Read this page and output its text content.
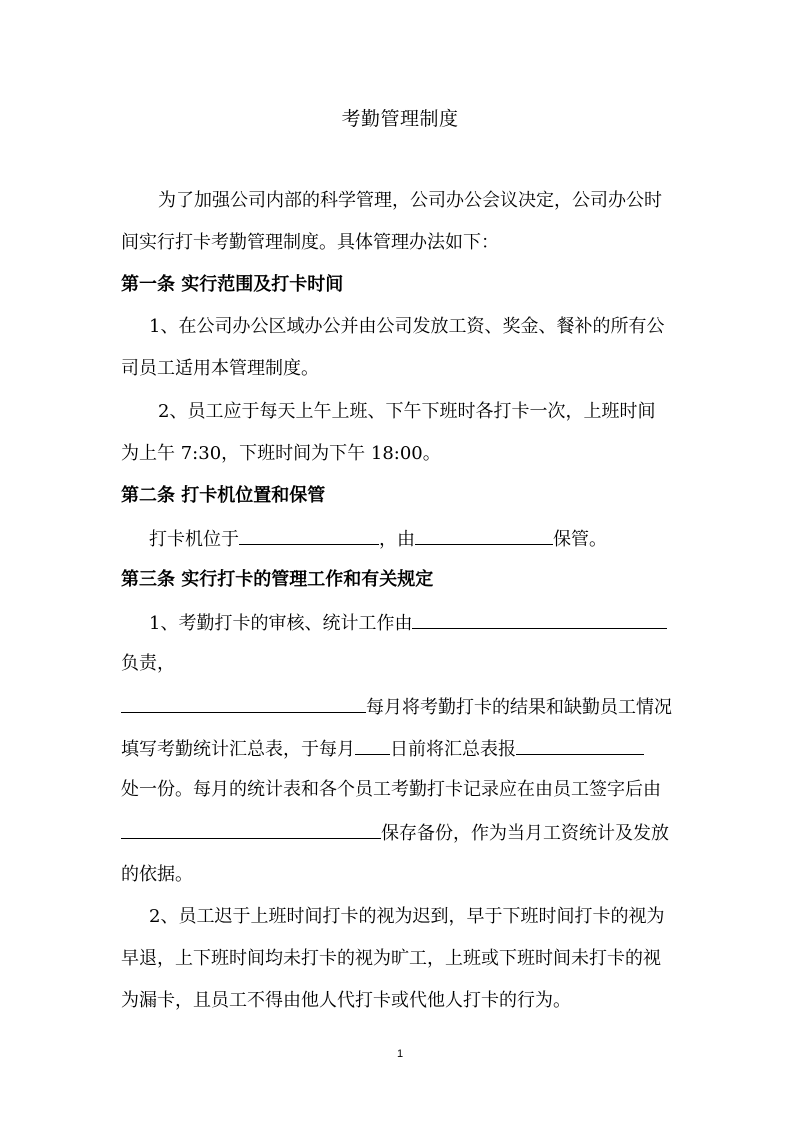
考勤管理制度
为了加强公司内部的科学管理，公司办公会议决定，公司办公时
间实行打卡考勤管理制度。具体管理办法如下：
第一条 实行范围及打卡时间
1、在公司办公区域办公并由公司发放工资、奖金、餐补的所有公
司员工适用本管理制度。
2、员工应于每天上午上班、下午下班时各打卡一次，上班时间
为上午 7:30，下班时间为下午 18:00。
第二条 打卡机位置和保管
打卡机位于	，由	保管。
第三条 实行打卡的管理工作和有关规定
1、考勤打卡的审核、统计工作由
负责，
每月将考勤打卡的结果和缺勤员工情况
填写考勤统计汇总表，于每月 日前将汇总表报
处一份。每月的统计表和各个员工考勤打卡记录应在由员工签字后由
保存备份，作为当月工资统计及发放
的依据。
2、员工迟于上班时间打卡的视为迟到，早于下班时间打卡的视为
早退，上下班时间均未打卡的视为旷工，上班或下班时间未打卡的视
为漏卡，且员工不得由他人代打卡或代他人打卡的行为。
1
